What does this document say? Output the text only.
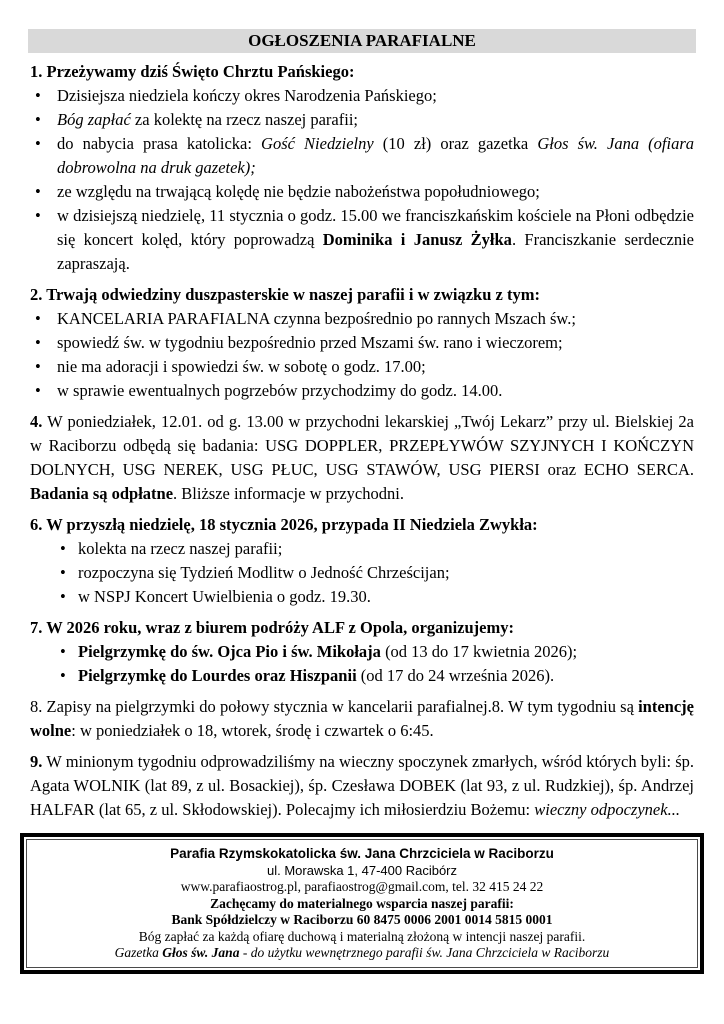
OGŁOSZENIA PARAFIALNE
1. Przeżywamy dziś Święto Chrztu Pańskiego:
• Dzisiejsza niedziela kończy okres Narodzenia Pańskiego;
• Bóg zapłać za kolektę na rzecz naszej parafii;
• do nabycia prasa katolicka: Gość Niedzielny (10 zł) oraz gazetka Głos św. Jana (ofiara dobrowolna na druk gazetek);
• ze względu na trwającą kolędę nie będzie nabożeństwa popołudniowego;
• w dzisiejszą niedzielę, 11 stycznia o godz. 15.00 we franciszkańskim kościele na Płoni odbędzie się koncert kolęd, który poprowadzą Dominika i Janusz Żyłka. Franciszkanie serdecznie zapraszają.
2. Trwają odwiedziny duszpasterskie w naszej parafii i w związku z tym:
• KANCELARIA PARAFIALNA czynna bezpośrednio po rannych Mszach św.;
• spowiedź św. w tygodniu bezpośrednio przed Mszami św. rano i wieczorem;
• nie ma adoracji i spowiedzi św. w sobotę o godz. 17.00;
• w sprawie ewentualnych pogrzebów przychodzimy do godz. 14.00.
4. W poniedziałek, 12.01. od g. 13.00 w przychodni lekarskiej „Twój Lekarz” przy ul. Bielskiej 2a w Raciborzu odbędą się badania: USG DOPPLER, PRZEPŁYWÓW SZYJNYCH I KOŃCZYN DOLNYCH, USG NEREK, USG PŁUC, USG STAWÓW, USG PIERSI oraz ECHO SERCA. Badania są odpłatne. Bliższe informacje w przychodni.
6. W przyszłą niedzielę, 18 stycznia 2026, przypada II Niedziela Zwykła:
• kolekta na rzecz naszej parafii;
• rozpoczyna się Tydzień Modlitw o Jedność Chrześcijan;
• w NSPJ Koncert Uwielbienia o godz. 19.30.
7. W 2026 roku, wraz z biurem podróży ALF z Opola, organizujemy:
• Pielgrzymkę do św. Ojca Pio i św. Mikołaja (od 13 do 17 kwietnia 2026);
• Pielgrzymkę do Lourdes oraz Hiszpanii (od 17 do 24 września 2026).
8. Zapisy na pielgrzymki do połowy stycznia w kancelarii parafialnej.8. W tym tygodniu są intencję wolne: w poniedziałek o 18, wtorek, środę i czwartek o 6:45.
9. W minionym tygodniu odprowadziliśmy na wieczny spoczynek zmarłych, wśród których byli: śp. Agata WOLNIK (lat 89, z ul. Bosackiej), śp. Czesława DOBEK (lat 93, z ul. Rudzkiej), śp. Andrzej HALFAR (lat 65, z ul. Skłodowskiej). Polecajmy ich miłosierdziu Bożemu: wieczny odpoczynek...
Parafia Rzymskokatolicka św. Jana Chrzciciela w Raciborzu
ul. Morawska 1, 47-400 Racibórz
www.parafiaostrog.pl, parafiaostrog@gmail.com, tel. 32 415 24 22
Zachęcamy do materialnego wsparcia naszej parafii:
Bank Spółdzielczy w Raciborzu 60 8475 0006 2001 0014 5815 0001
Bóg zapłać za każdą ofiarę duchową i materialną złożoną w intencji naszej parafii.
Gazetka Głos św. Jana - do użytku wewnętrznego parafii św. Jana Chrzciciela w Raciborzu
